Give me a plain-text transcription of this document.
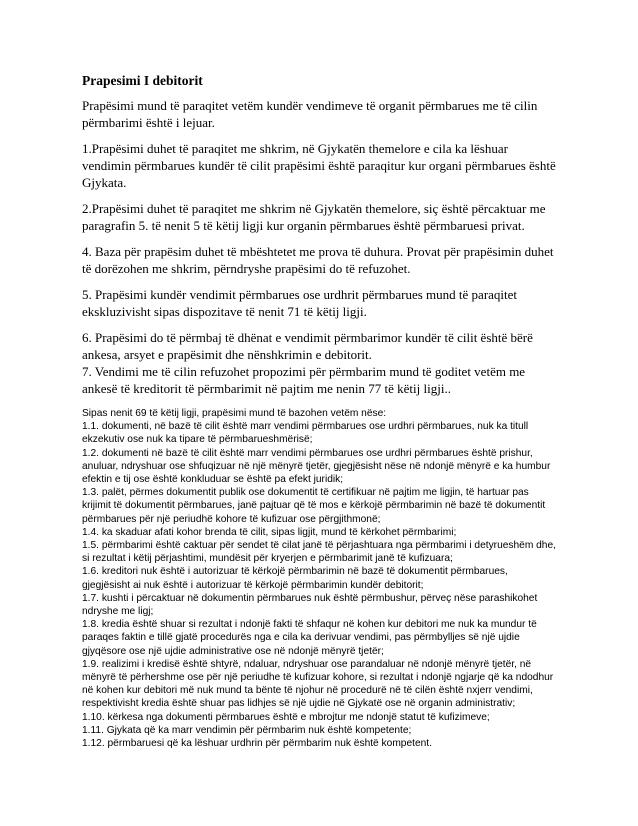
Prapesimi I debitorit

Prapësimi mund të paraqitet vetëm kundër vendimeve të organit përmbarues me të cilin përmbarimi është i lejuar.

1.Prapësimi duhet të paraqitet me shkrim, në Gjykatën themelore e cila ka lëshuar vendimin përmbarues kundër të cilit prapësimi është paraqitur kur organi përmbarues është Gjykata.

2.Prapësimi duhet të paraqitet me shkrim në Gjykatën themelore, siç është përcaktuar me paragrafin 5. të nenit 5 të këtij ligji kur organin përmbarues është përmbaruesi privat.

4. Baza për prapësim duhet të mbështetet me prova të duhura. Provat për prapësimin duhet të dorëzohen me shkrim, përndryshe prapësimi do të refuzohet.

5. Prapësimi kundër vendimit përmbarues ose urdhrit përmbarues mund të paraqitet ekskluzivisht sipas dispozitave të nenit 71 të këtij ligji.

6. Prapësimi do të përmbaj të dhënat e vendimit përmbarimor kundër të cilit është bërë ankesa, arsyet e prapësimit dhe nënshkrimin e debitorit.

7. Vendimi me të cilin refuzohet propozimi për përmbarim mund të goditet vetëm me ankesë të kreditorit të përmbarimit në pajtim me nenin 77 të këtij ligji..

Sipas nenit 69 të këtij ligji, prapësimi mund të bazohen vetëm nëse:

1.1. dokumenti, në bazë të cilit është marr vendimi përmbarues ose urdhri përmbarues, nuk ka titull ekzekutiv ose nuk ka tipare të përmbarueshmërisë;

1.2. dokumenti në bazë të cilit është marr vendimi përmbarues ose urdhri përmbarues është prishur, anuluar, ndryshuar ose shfuqizuar në një mënyrë tjetër, gjegjësisht nëse në ndonjë mënyrë e ka humbur efektin e tij ose është konkluduar se është pa efekt juridik;

1.3. palët, përmes dokumentit publik ose dokumentit të certifikuar në pajtim me ligjin, të hartuar pas krijimit të dokumentit përmbarues, janë pajtuar që të mos e kërkojë përmbarimin në bazë të dokumentit përmbarues për një periudhë kohore të kufizuar ose përgjithmonë;

1.4. ka skaduar afati kohor brenda të cilit, sipas ligjit, mund të kërkohet përmbarimi;

1.5. përmbarimi është caktuar për sendet të cilat janë të përjashtuara nga përmbarimi i detyrueshëm dhe, si rezultat i këtij përjashtimi, mundësit për kryerjen e përmbarimit janë të kufizuara;

1.6. kreditori nuk është i autorizuar të kërkojë përmbarimin në bazë të dokumentit përmbarues, gjegjësisht ai nuk është i autorizuar të kërkojë përmbarimin kundër debitorit;

1.7. kushti i përcaktuar në dokumentin përmbarues nuk është përmbushur, përveç nëse parashikohet ndryshe me ligj;

1.8. kredia është shuar si rezultat i ndonjë fakti të shfaqur në kohen kur debitori me nuk ka mundur të paraqes faktin e tillë gjatë procedurës nga e cila ka derivuar vendimi, pas përmbylljes së një ujdie gjyqësore ose një ujdie administrative ose në ndonjë mënyrë tjetër;

1.9. realizimi i kredisë është shtyrë, ndaluar, ndryshuar ose parandaluar në ndonjë mënyrë tjetër, në mënyrë të përhershme ose për një periudhe të kufizuar kohore, si rezultat i ndonjë ngjarje që ka ndodhur në kohen kur debitori më nuk mund ta bënte të njohur në procedurë në të cilën është nxjerr vendimi, respektivisht kredia është shuar pas lidhjes së një ujdie në Gjykatë ose në organin administrativ;

1.10. kërkesa nga dokumenti përmbarues është e mbrojtur me ndonjë statut të kufizimeve;

1.11. Gjykata që ka marr vendimin për përmbarim nuk është kompetente;

1.12. përmbaruesi që ka lëshuar urdhrin për përmbarim nuk është kompetent.
